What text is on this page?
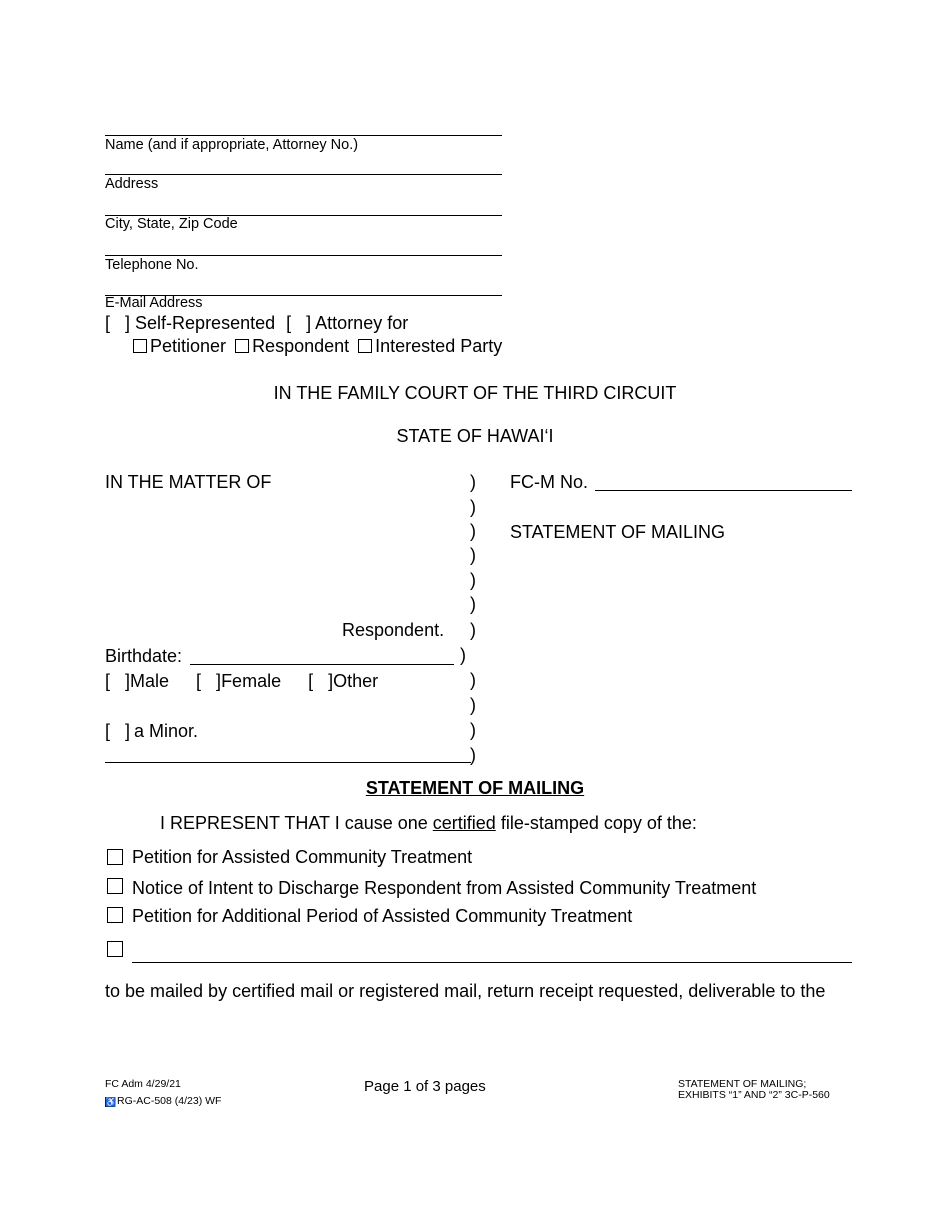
Name (and if appropriate, Attorney No.)
Address
City, State, Zip Code
Telephone No.
E-Mail Address
[   ] Self-Represented [   ] Attorney for
Petitioner Respondent Interested Party
IN THE FAMILY COURT OF THE THIRD CIRCUIT
STATE OF HAWAI‘I
IN THE MATTER OF
Respondent.
Birthdate:
[   ]Male [   ]Female [   ]Other
[   ] a Minor.
)
)
)
)
)
)
)
)
)
)
)
)
FC-M No.
STATEMENT OF MAILING
STATEMENT OF MAILING
I REPRESENT THAT I cause one certified file-stamped copy of the:
Petition for Assisted Community Treatment
Notice of Intent to Discharge Respondent from Assisted Community Treatment
Petition for Additional Period of Assisted Community Treatment
to be mailed by certified mail or registered mail, return receipt requested, deliverable to the
FC Adm 4/29/21
♿RG-AC-508 (4/23) WF
Page 1 of 3 pages	STATEMENT OF MAILING;
EXHIBITS “1” AND “2” 3C-P-560
